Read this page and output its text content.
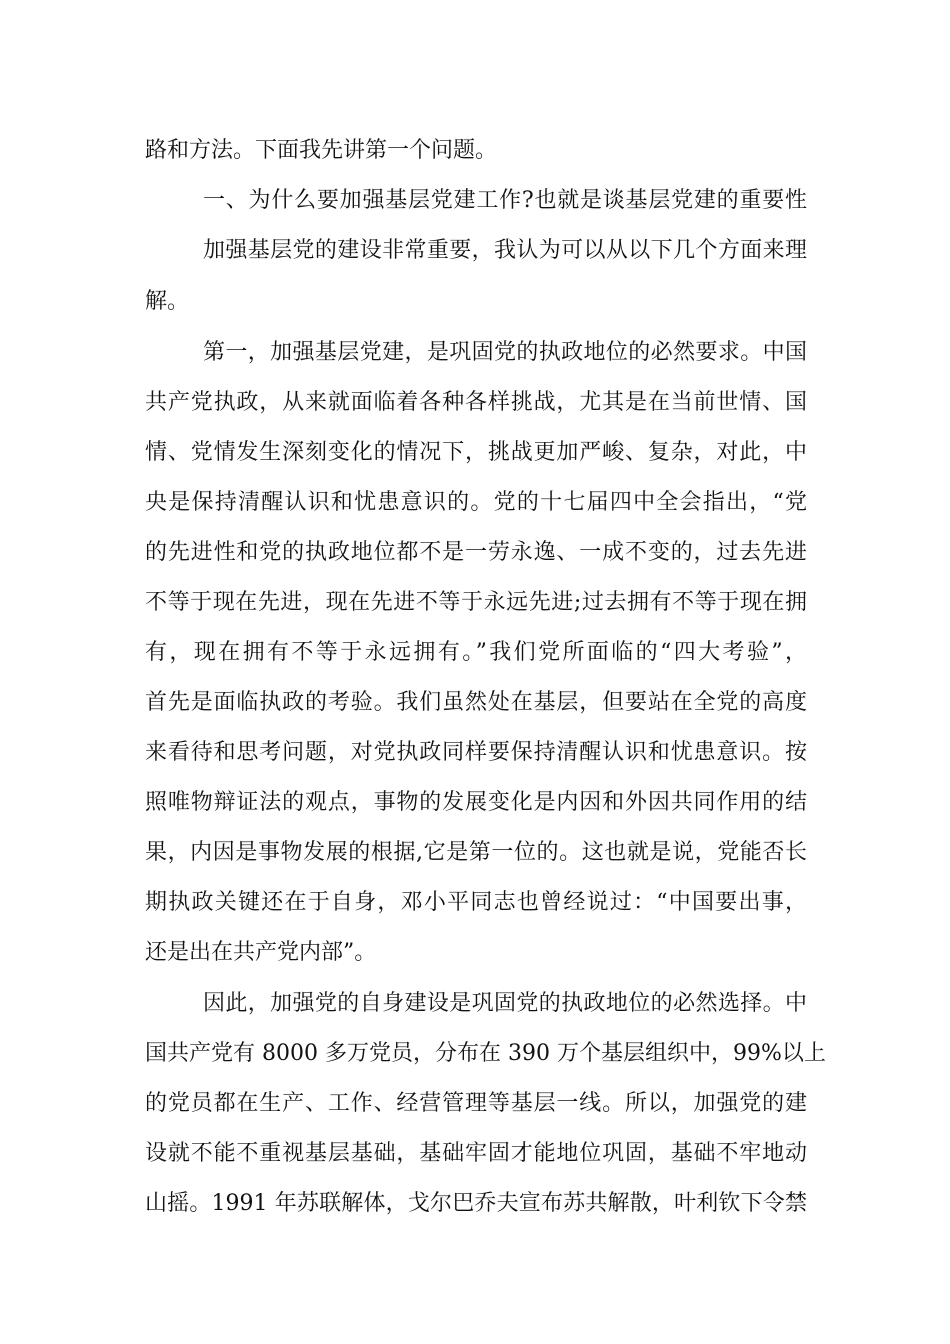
路和方法。下面我先讲第一个问题。
一、为什么要加强基层党建工作?也就是谈基层党建的重要性
加强基层党的建设非常重要，我认为可以从以下几个方面来理
解。
第一，加强基层党建，是巩固党的执政地位的必然要求。中国
共产党执政，从来就面临着各种各样挑战，尤其是在当前世情、国
情、党情发生深刻变化的情况下，挑战更加严峻、复杂，对此，中
央是保持清醒认识和忧患意识的。党的十七届四中全会指出，“党
的先进性和党的执政地位都不是一劳永逸、一成不变的，过去先进
不等于现在先进，现在先进不等于永远先进;过去拥有不等于现在拥
有，现在拥有不等于永远拥有。”我们党所面临的“四大考验”，
首先是面临执政的考验。我们虽然处在基层，但要站在全党的高度
来看待和思考问题，对党执政同样要保持清醒认识和忧患意识。按
照唯物辩证法的观点，事物的发展变化是内因和外因共同作用的结
果，内因是事物发展的根据,它是第一位的。这也就是说，党能否长
期执政关键还在于自身，邓小平同志也曾经说过：“中国要出事，
还是出在共产党内部”。
因此，加强党的自身建设是巩固党的执政地位的必然选择。中
国共产党有 8000 多万党员，分布在 390 万个基层组织中，99%以上
的党员都在生产、工作、经营管理等基层一线。所以，加强党的建
设就不能不重视基层基础，基础牢固才能地位巩固，基础不牢地动
山摇。1991 年苏联解体，戈尔巴乔夫宣布苏共解散，叶利钦下令禁
